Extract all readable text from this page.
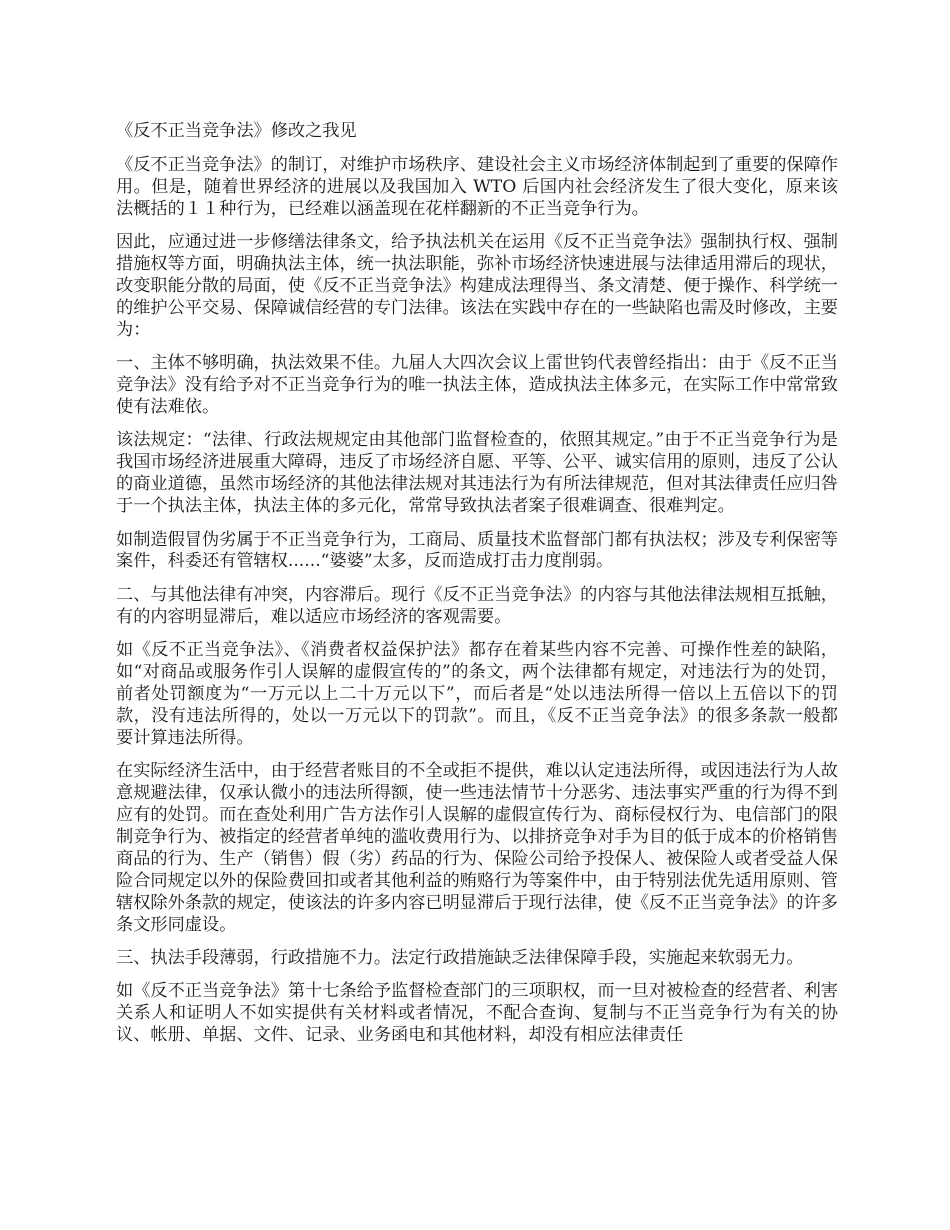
《反不正当竞争法》修改之我见

《反不正当竞争法》的制订，对维护市场秩序、建设社会主义市场经济体制起到了重要的保障作用。但是，随着世界经济的进展以及我国加入 WTO 后国内社会经济发生了很大变化，原来该法概括的１１种行为，已经难以涵盖现在花样翻新的不正当竞争行为。

因此，应通过进一步修缮法律条文，给予执法机关在运用《反不正当竞争法》强制执行权、强制措施权等方面，明确执法主体，统一执法职能，弥补市场经济快速进展与法律适用滞后的现状，改变职能分散的局面，使《反不正当竞争法》构建成法理得当、条文清楚、便于操作、科学统一的维护公平交易、保障诚信经营的专门法律。该法在实践中存在的一些缺陷也需及时修改，主要为：

一、主体不够明确，执法效果不佳。九届人大四次会议上雷世钧代表曾经指出：由于《反不正当竞争法》没有给予对不正当竞争行为的唯一执法主体，造成执法主体多元，在实际工作中常常致使有法难依。

该法规定：“法律、行政法规规定由其他部门监督检查的，依照其规定。”由于不正当竞争行为是我国市场经济进展重大障碍，违反了市场经济自愿、平等、公平、诚实信用的原则，违反了公认的商业道德，虽然市场经济的其他法律法规对其违法行为有所法律规范，但对其法律责任应归咎于一个执法主体，执法主体的多元化，常常导致执法者案子很难调查、很难判定。

如制造假冒伪劣属于不正当竞争行为，工商局、质量技术监督部门都有执法权；涉及专利保密等案件，科委还有管辖权......“婆婆”太多，反而造成打击力度削弱。

二、与其他法律有冲突，内容滞后。现行《反不正当竞争法》的内容与其他法律法规相互抵触，有的内容明显滞后，难以适应市场经济的客观需要。

如《反不正当竞争法》、《消费者权益保护法》都存在着某些内容不完善、可操作性差的缺陷，如“对商品或服务作引人误解的虚假宣传的”的条文，两个法律都有规定，对违法行为的处罚，前者处罚额度为“一万元以上二十万元以下”，而后者是“处以违法所得一倍以上五倍以下的罚款，没有违法所得的，处以一万元以下的罚款”。而且，《反不正当竞争法》的很多条款一般都要计算违法所得。

在实际经济生活中，由于经营者账目的不全或拒不提供，难以认定违法所得，或因违法行为人故意规避法律，仅承认微小的违法所得额，使一些违法情节十分恶劣、违法事实严重的行为得不到应有的处罚。而在查处利用广告方法作引人误解的虚假宣传行为、商标侵权行为、电信部门的限制竞争行为、被指定的经营者单纯的滥收费用行为、以排挤竞争对手为目的低于成本的价格销售商品的行为、生产（销售）假（劣）药品的行为、保险公司给予投保人、被保险人或者受益人保险合同规定以外的保险费回扣或者其他利益的贿赂行为等案件中，由于特别法优先适用原则、管辖权除外条款的规定，使该法的许多内容已明显滞后于现行法律，使《反不正当竞争法》的许多条文形同虚设。

三、执法手段薄弱，行政措施不力。法定行政措施缺乏法律保障手段，实施起来软弱无力。

如《反不正当竞争法》第十七条给予监督检查部门的三项职权，而一旦对被检查的经营者、利害关系人和证明人不如实提供有关材料或者情况，不配合查询、复制与不正当竞争行为有关的协议、帐册、单据、文件、记录、业务函电和其他材料，却没有相应法律责任
